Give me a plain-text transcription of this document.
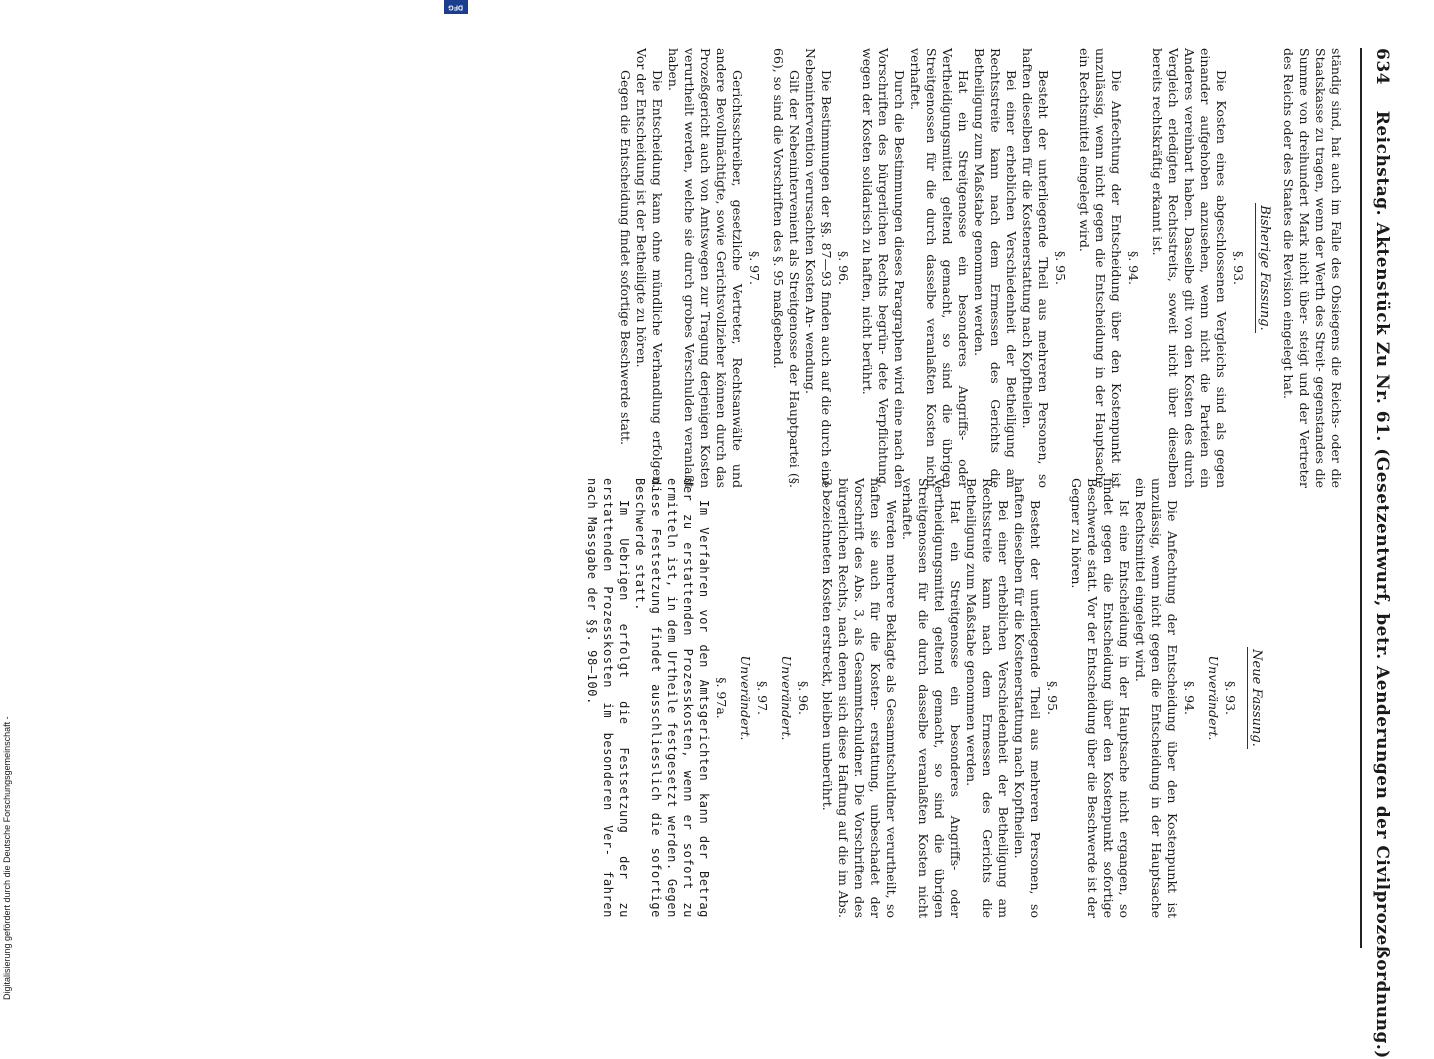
634    Reichstag. Aktenstück Zu Nr. 61. (Gesetzentwurf, betr. Aenderungen der Civilprozeßordnung.)

ständig sind, hat auch im Falle des Obsiegens die Reichs- oder die Staatskasse zu tragen, wenn der Werth des Streit- gegenstandes die Summe von dreihundert Mark nicht über- steigt und der Vertreter des Reichs oder des Staates die Revision eingelegt hat.

Bisherige Fassung.
§. 93.

Die Kosten eines abgeschlossenen Vergleichs sind als gegen einander aufgehoben anzusehen, wenn nicht die Parteien ein Anderes vereinbart haben. Dasselbe gilt von den Kosten des durch Vergleich erledigten Rechtsstreits, soweit nicht über dieselben bereits rechtskräftig erkannt ist.

§. 94.

Die Anfechtung der Entscheidung über den Kostenpunkt ist unzulässig, wenn nicht gegen die Entscheidung in der Hauptsache ein Rechtsmittel eingelegt wird.

§. 95.

Besteht der unterliegende Theil aus mehreren Personen, so haften dieselben für die Kostenerstattung nach Kopftheilen.

Bei einer erheblichen Verschiedenheit der Betheiligung am Rechtsstreite kann nach dem Ermessen des Gerichts die Betheiligung zum Maßstabe genommen werden.

Hat ein Streitgenosse ein besonderes Angriffs- oder Vertheidigungsmittel geltend gemacht, so sind die übrigen Streitgenossen für die durch dasselbe veranlaßten Kosten nicht verhaftet.

Durch die Bestimmungen dieses Paragraphen wird eine nach den Vorschriften des bürgerlichen Rechts begrün- dete Verpflichtung, wegen der Kosten solidarisch zu haften, nicht berührt.

§. 96.

Die Bestimmungen der §§. 87—93 finden auch auf die durch eine Nebenintervention verursachten Kosten An- wendung.

Gilt der Nebenintervenient als Streitgenosse der Hauptpartei (§. 66), so sind die Vorschriften des §. 95 maßgebend.

§. 97.

Gerichtsschreiber, gesetzliche Vertreter, Rechtsanwälte und andere Bevollmächtigte, sowie Gerichtsvollzieher können durch das Prozeßgericht auch von Amtswegen zur Tragung derjenigen Kosten verurtheilt werden, welche sie durch grobes Verschulden veranlaßt haben.

Die Entscheidung kann ohne mündliche Verhandlung erfolgen. Vor der Entscheidung ist der Betheiligte zu hören.

Gegen die Entscheidung findet sofortige Beschwerde statt.

Neue Fassung.
§. 93.
Unverändert.
§. 94.

Die Anfechtung der Entscheidung über den Kostenpunkt ist unzulässig, wenn nicht gegen die Entscheidung in der Hauptsache ein Rechtsmittel eingelegt wird.

Ist eine Entscheidung in der Hauptsache nicht ergangen, so findet gegen die Entscheidung über den Kostenpunkt sofortige Beschwerde statt. Vor der Entscheidung über die Beschwerde ist der Gegner zu hören.

§. 95.

Besteht der unterliegende Theil aus mehreren Personen, so haften dieselben für die Kostenerstattung nach Kopftheilen.

Bei einer erheblichen Verschiedenheit der Betheiligung am Rechtsstreite kann nach dem Ermessen des Gerichts die Betheiligung zum Maßstabe genommen werden.

Hat ein Streitgenosse ein besonderes Angriffs- oder Vertheidigungsmittel geltend gemacht, so sind die übrigen Streitgenossen für die durch dasselbe veranlaßten Kosten nicht verhaftet.

Werden mehrere Beklagte als Gesammtschuldner verurtheilt, so haften sie auch für die Kosten- erstattung, unbeschadet der Vorschrift des Abs. 3, als Gesammtschuldner. Die Vorschriften des bürgerlichen Rechts, nach denen sich diese Haftung auf die im Abs. 3 bezeichneten Kosten erstreckt, bleiben unberührt.

§. 96.
Unverändert.
§. 97.
Unverändert.
§. 97a.

Im Verfahren vor den Amtsgerichten kann der Betrag der zu erstattenden Prozesskosten, wenn er sofort zu ermitteln ist, in dem Urtheile festgesetzt werden. Gegen diese Festsetzung findet ausschliesslich die sofortige Beschwerde statt.

Im Uebrigen erfolgt die Festsetzung der zu erstattenden Prozesskosten im besonderen Ver- fahren nach Massgabe der §§. 98—100.

DFG
Digitalisierung gefördert durch die Deutsche Forschungsgemeinschaft -
